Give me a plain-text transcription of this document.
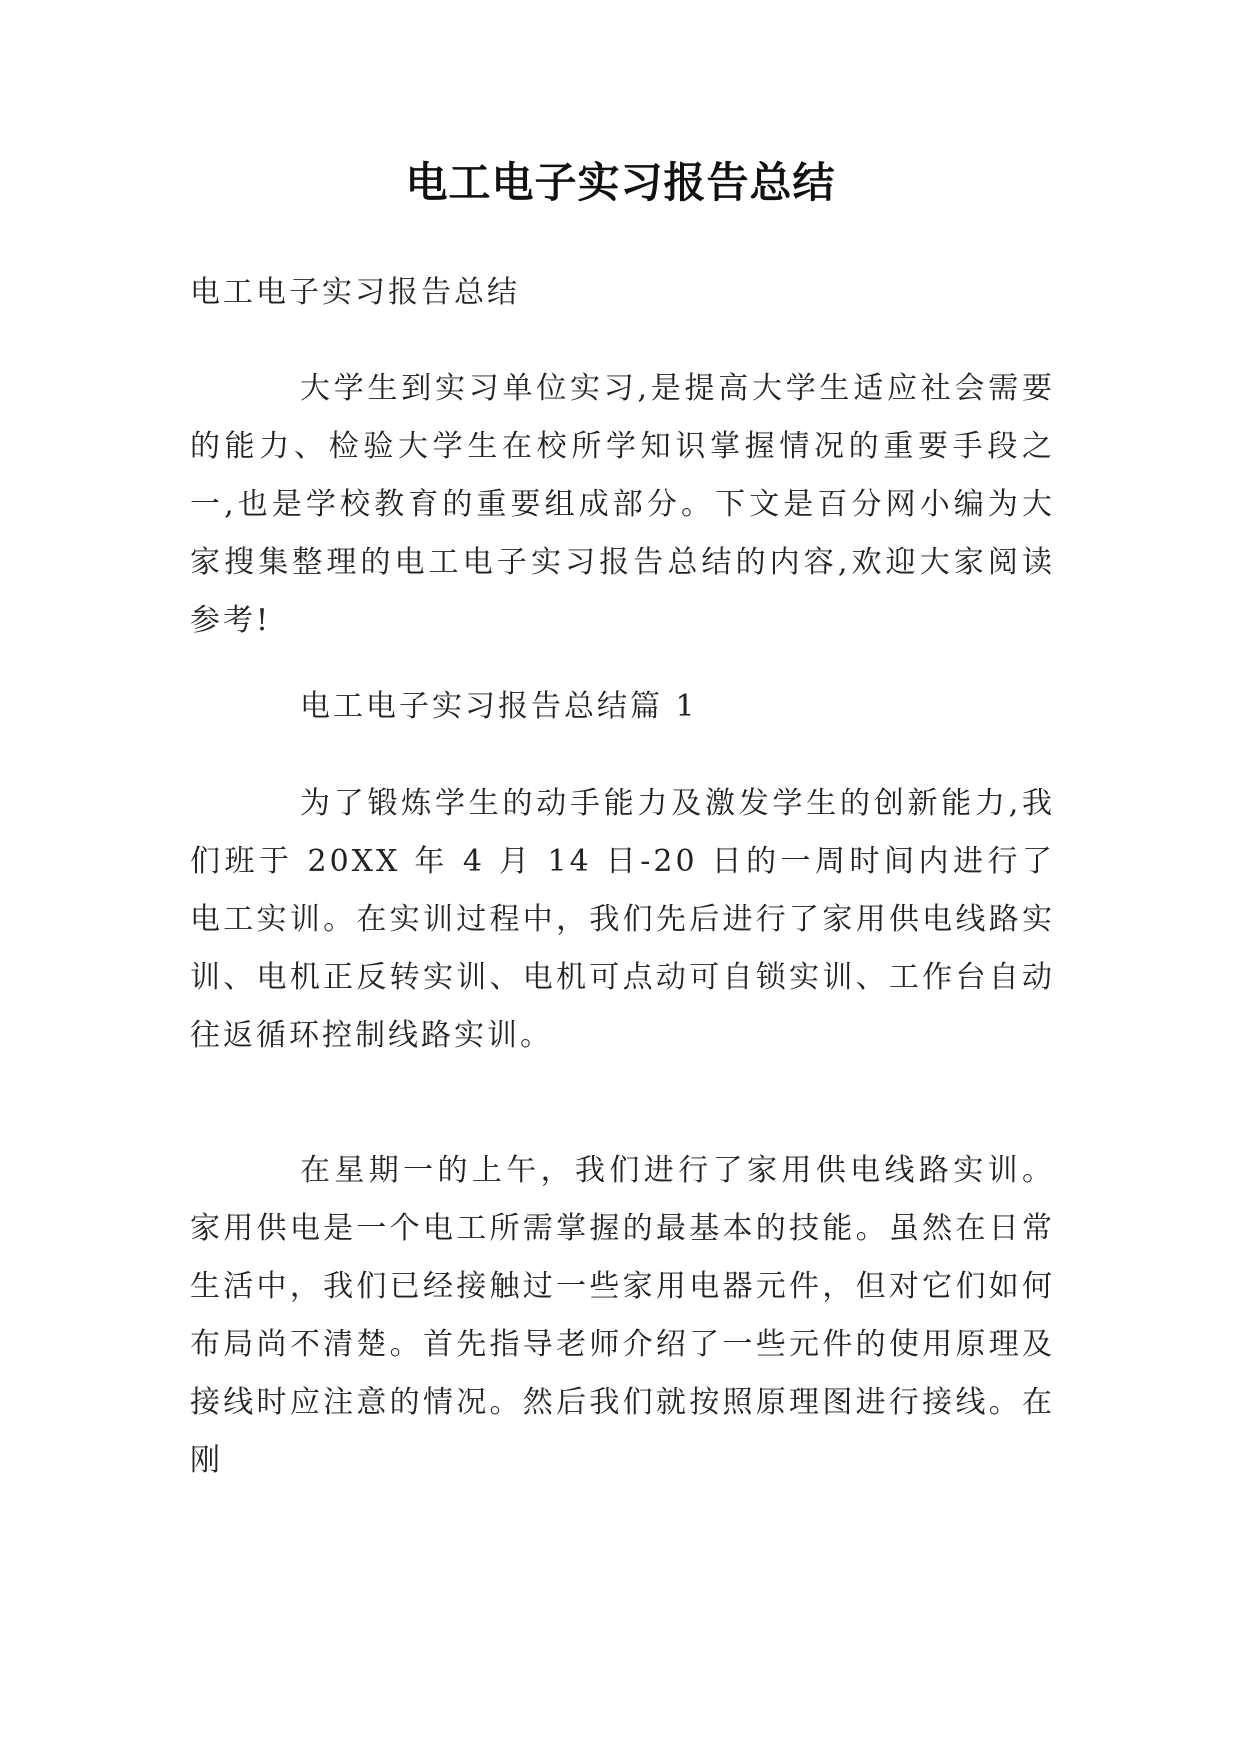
电工电子实习报告总结

电工电子实习报告总结

大学生到实习单位实习,是提高大学生适应社会需要的能力、检验大学生在校所学知识掌握情况的重要手段之一,也是学校教育的重要组成部分。下文是百分网小编为大家搜集整理的电工电子实习报告总结的内容,欢迎大家阅读参考!

电工电子实习报告总结篇 1

为了锻炼学生的动手能力及激发学生的创新能力,我们班于 20XX 年 4 月 14 日-20 日的一周时间内进行了电工实训。在实训过程中，我们先后进行了家用供电线路实训、电机正反转实训、电机可点动可自锁实训、工作台自动往返循环控制线路实训。

在星期一的上午，我们进行了家用供电线路实训。家用供电是一个电工所需掌握的最基本的技能。虽然在日常生活中，我们已经接触过一些家用电器元件，但对它们如何布局尚不清楚。首先指导老师介绍了一些元件的使用原理及接线时应注意的情况。然后我们就按照原理图进行接线。在刚
